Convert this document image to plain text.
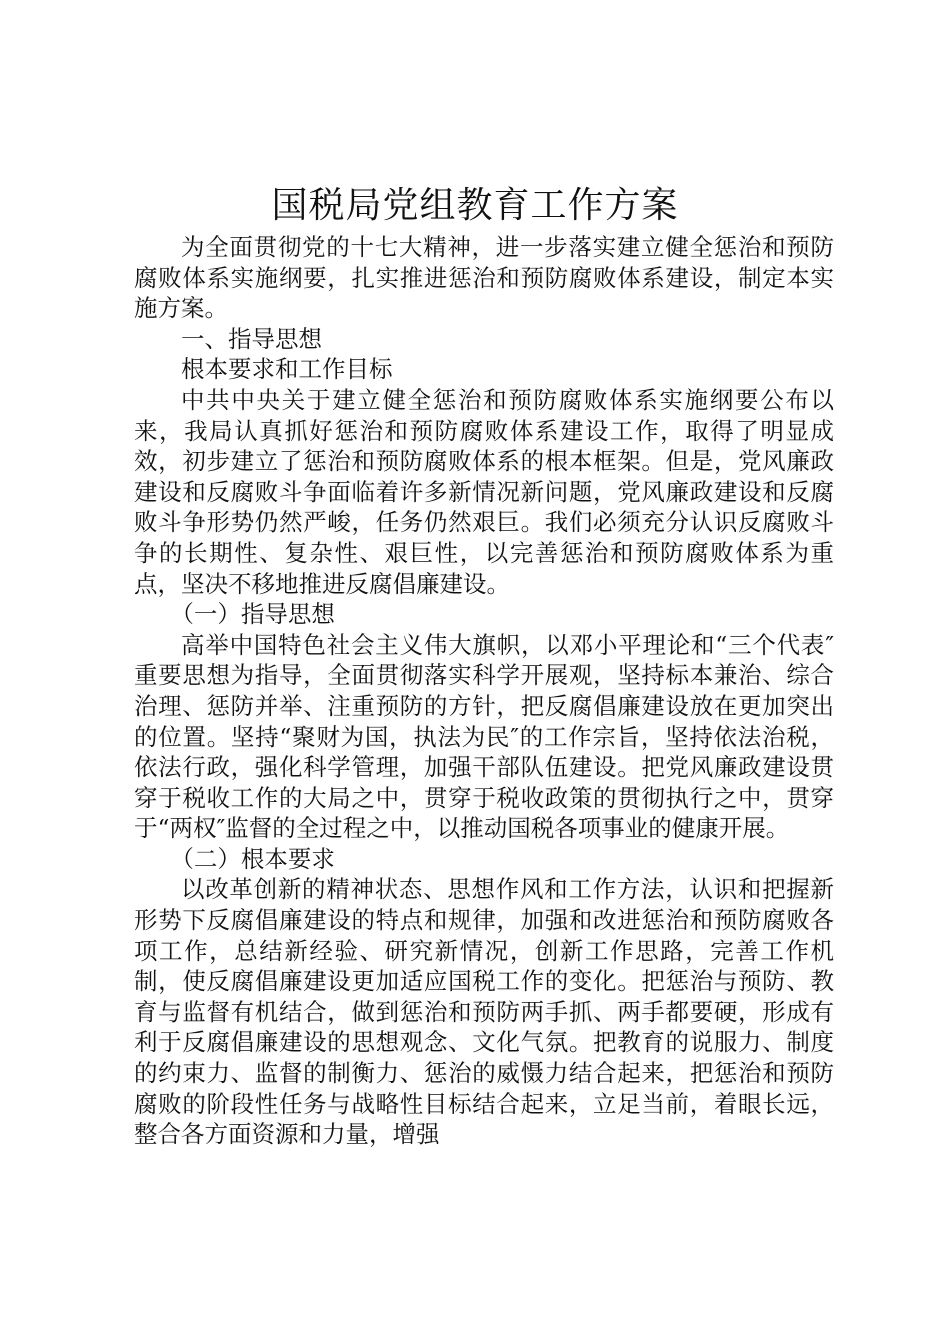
国税局党组教育工作方案

为全面贯彻党的十七大精神，进一步落实建立健全惩治和预防腐败体系实施纲要，扎实推进惩治和预防腐败体系建设，制定本实施方案。

一、指导思想

根本要求和工作目标

中共中央关于建立健全惩治和预防腐败体系实施纲要公布以来，我局认真抓好惩治和预防腐败体系建设工作，取得了明显成效，初步建立了惩治和预防腐败体系的根本框架。但是，党风廉政建设和反腐败斗争面临着许多新情况新问题，党风廉政建设和反腐败斗争形势仍然严峻，任务仍然艰巨。我们必须充分认识反腐败斗争的长期性、复杂性、艰巨性，以完善惩治和预防腐败体系为重点，坚决不移地推进反腐倡廉建设。

（一）指导思想

高举中国特色社会主义伟大旗帜，以邓小平理论和“三个代表″重要思想为指导，全面贯彻落实科学开展观，坚持标本兼治、综合治理、惩防并举、注重预防的方针，把反腐倡廉建设放在更加突出的位置。坚持“聚财为国，执法为民″的工作宗旨，坚持依法治税，依法行政，强化科学管理，加强干部队伍建设。把党风廉政建设贯穿于税收工作的大局之中，贯穿于税收政策的贯彻执行之中，贯穿于“两权″监督的全过程之中，以推动国税各项事业的健康开展。

（二）根本要求

以改革创新的精神状态、思想作风和工作方法，认识和把握新形势下反腐倡廉建设的特点和规律，加强和改进惩治和预防腐败各项工作，总结新经验、研究新情况，创新工作思路，完善工作机制，使反腐倡廉建设更加适应国税工作的变化。把惩治与预防、教育与监督有机结合，做到惩治和预防两手抓、两手都要硬，形成有利于反腐倡廉建设的思想观念、文化气氛。把教育的说服力、制度的约束力、监督的制衡力、惩治的威慑力结合起来，把惩治和预防腐败的阶段性任务与战略性目标结合起来，立足当前，着眼长远，整合各方面资源和力量，增强
